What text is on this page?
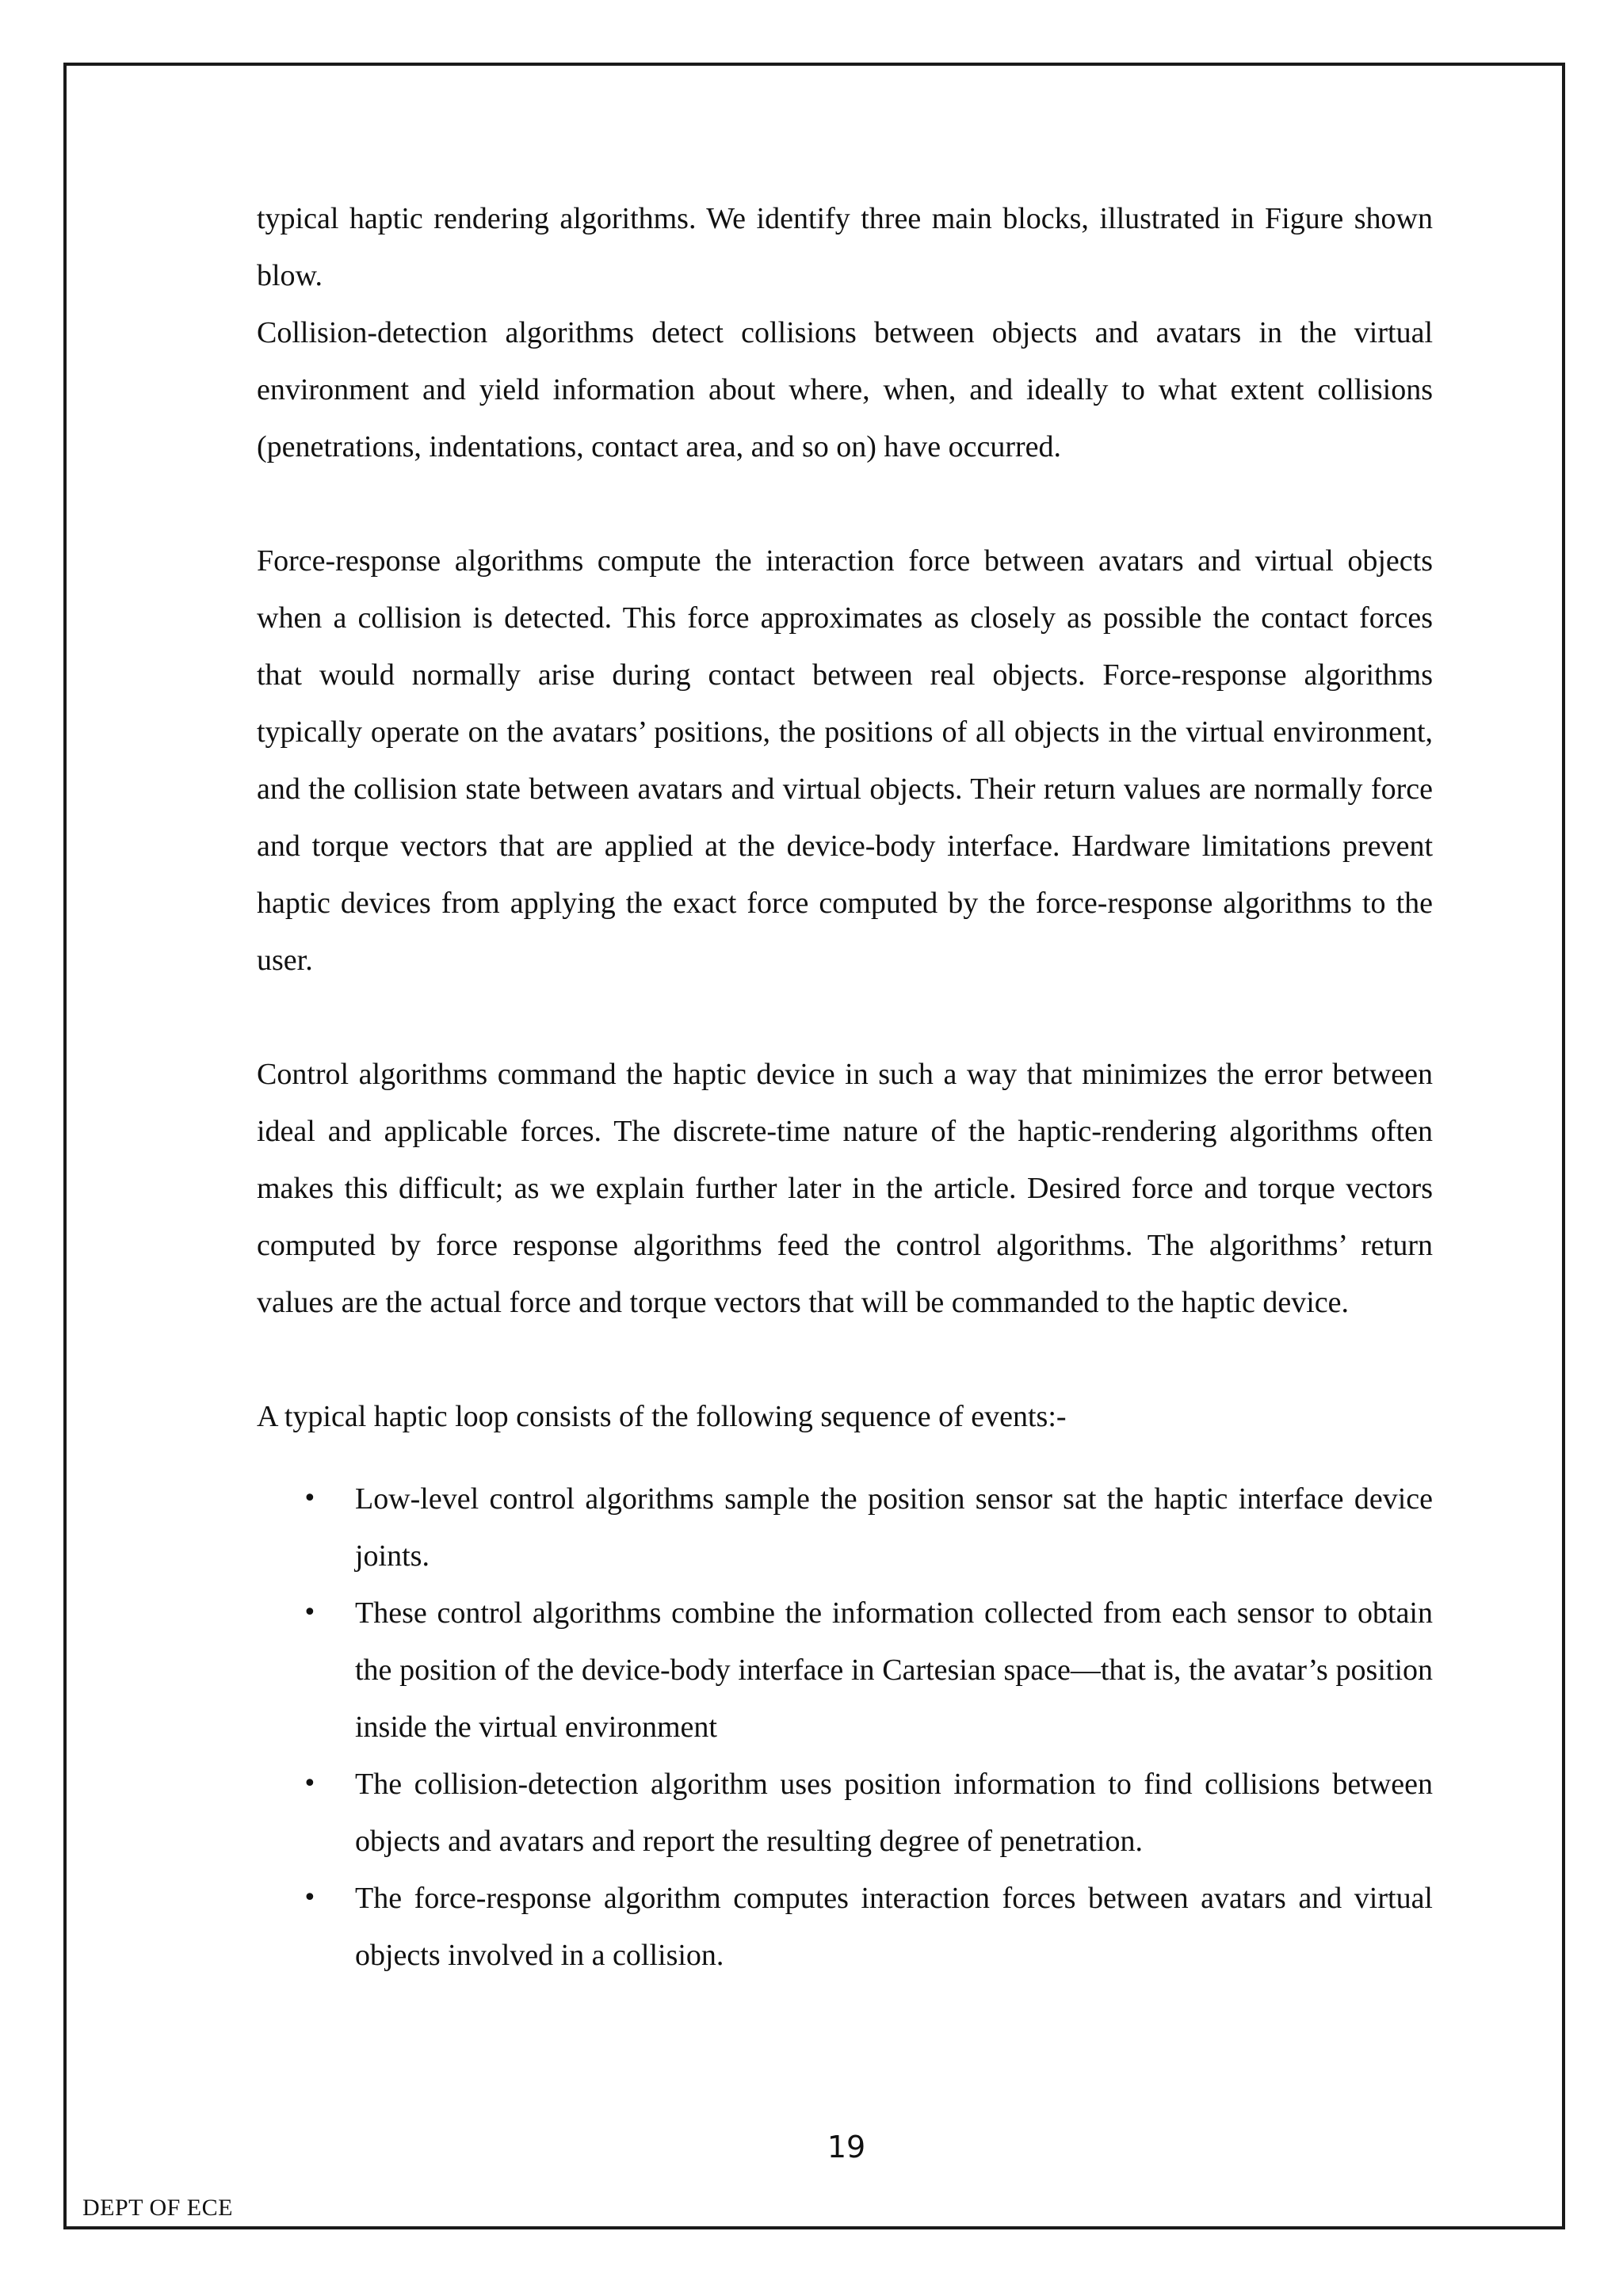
typical haptic rendering algorithms. We identify three main blocks, illustrated in Figure shown blow.

Collision-detection algorithms detect collisions between objects and avatars in the virtual environment and yield information about where, when, and ideally to what extent collisions (penetrations, indentations, contact area, and so on) have occurred.

Force-response algorithms compute the interaction force between avatars and virtual objects when a collision is detected. This force approximates as closely as possible the contact forces that would normally arise during contact between real objects. Force-response algorithms typically operate on the avatars’ positions, the positions of all objects in the virtual environment, and the collision state between avatars and virtual objects. Their return values are normally force and torque vectors that are applied at the device-body interface. Hardware limitations prevent haptic devices from applying the exact force computed by the force-response algorithms to the user.

Control algorithms command the haptic device in such a way that minimizes the error between ideal and applicable forces. The discrete-time nature of the haptic-rendering algorithms often makes this difficult; as we explain further later in the article. Desired force and torque vectors computed by force response algorithms feed the control algorithms. The algorithms’ return values are the actual force and torque vectors that will be commanded to the haptic device.

A typical haptic loop consists of the following sequence of events:-

• Low-level control algorithms sample the position sensor sat the haptic interface device joints.
• These control algorithms combine the information collected from each sensor to obtain the position of the device-body interface in Cartesian space—that is, the avatar’s position inside the virtual environment
• The collision-detection algorithm uses position information to find collisions between objects and avatars and report the resulting degree of penetration.
• The force-response algorithm computes interaction forces between avatars and virtual objects involved in a collision.
19
DEPT OF ECE
